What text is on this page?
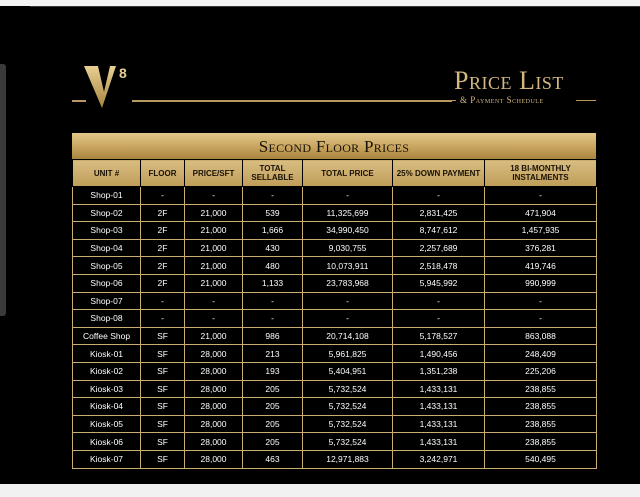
8	Price List
& Payment Schedule
Second Floor Prices
UNIT #	FLOOR	PRICE/SFT	TOTAL SELLABLE	TOTAL PRICE	25% DOWN PAYMENT	18 BI-MONTHLY INSTALMENTS
Shop-01	-	-	-	-	-	-
Shop-02	2F	21,000	539	11,325,699	2,831,425	471,904
Shop-03	2F	21,000	1,666	34,990,450	8,747,612	1,457,935
Shop-04	2F	21,000	430	9,030,755	2,257,689	376,281
Shop-05	2F	21,000	480	10,073,911	2,518,478	419,746
Shop-06	2F	21,000	1,133	23,783,968	5,945,992	990,999
Shop-07	-	-	-	-	-	-
Shop-08	-	-	-	-	-	-
Coffee Shop	SF	21,000	986	20,714,108	5,178,527	863,088
Kiosk-01	SF	28,000	213	5,961,825	1,490,456	248,409
Kiosk-02	SF	28,000	193	5,404,951	1,351,238	225,206
Kiosk-03	SF	28,000	205	5,732,524	1,433,131	238,855
Kiosk-04	SF	28,000	205	5,732,524	1,433,131	238,855
Kiosk-05	SF	28,000	205	5,732,524	1,433,131	238,855
Kiosk-06	SF	28,000	205	5,732,524	1,433,131	238,855
Kiosk-07	SF	28,000	463	12,971,883	3,242,971	540,495
